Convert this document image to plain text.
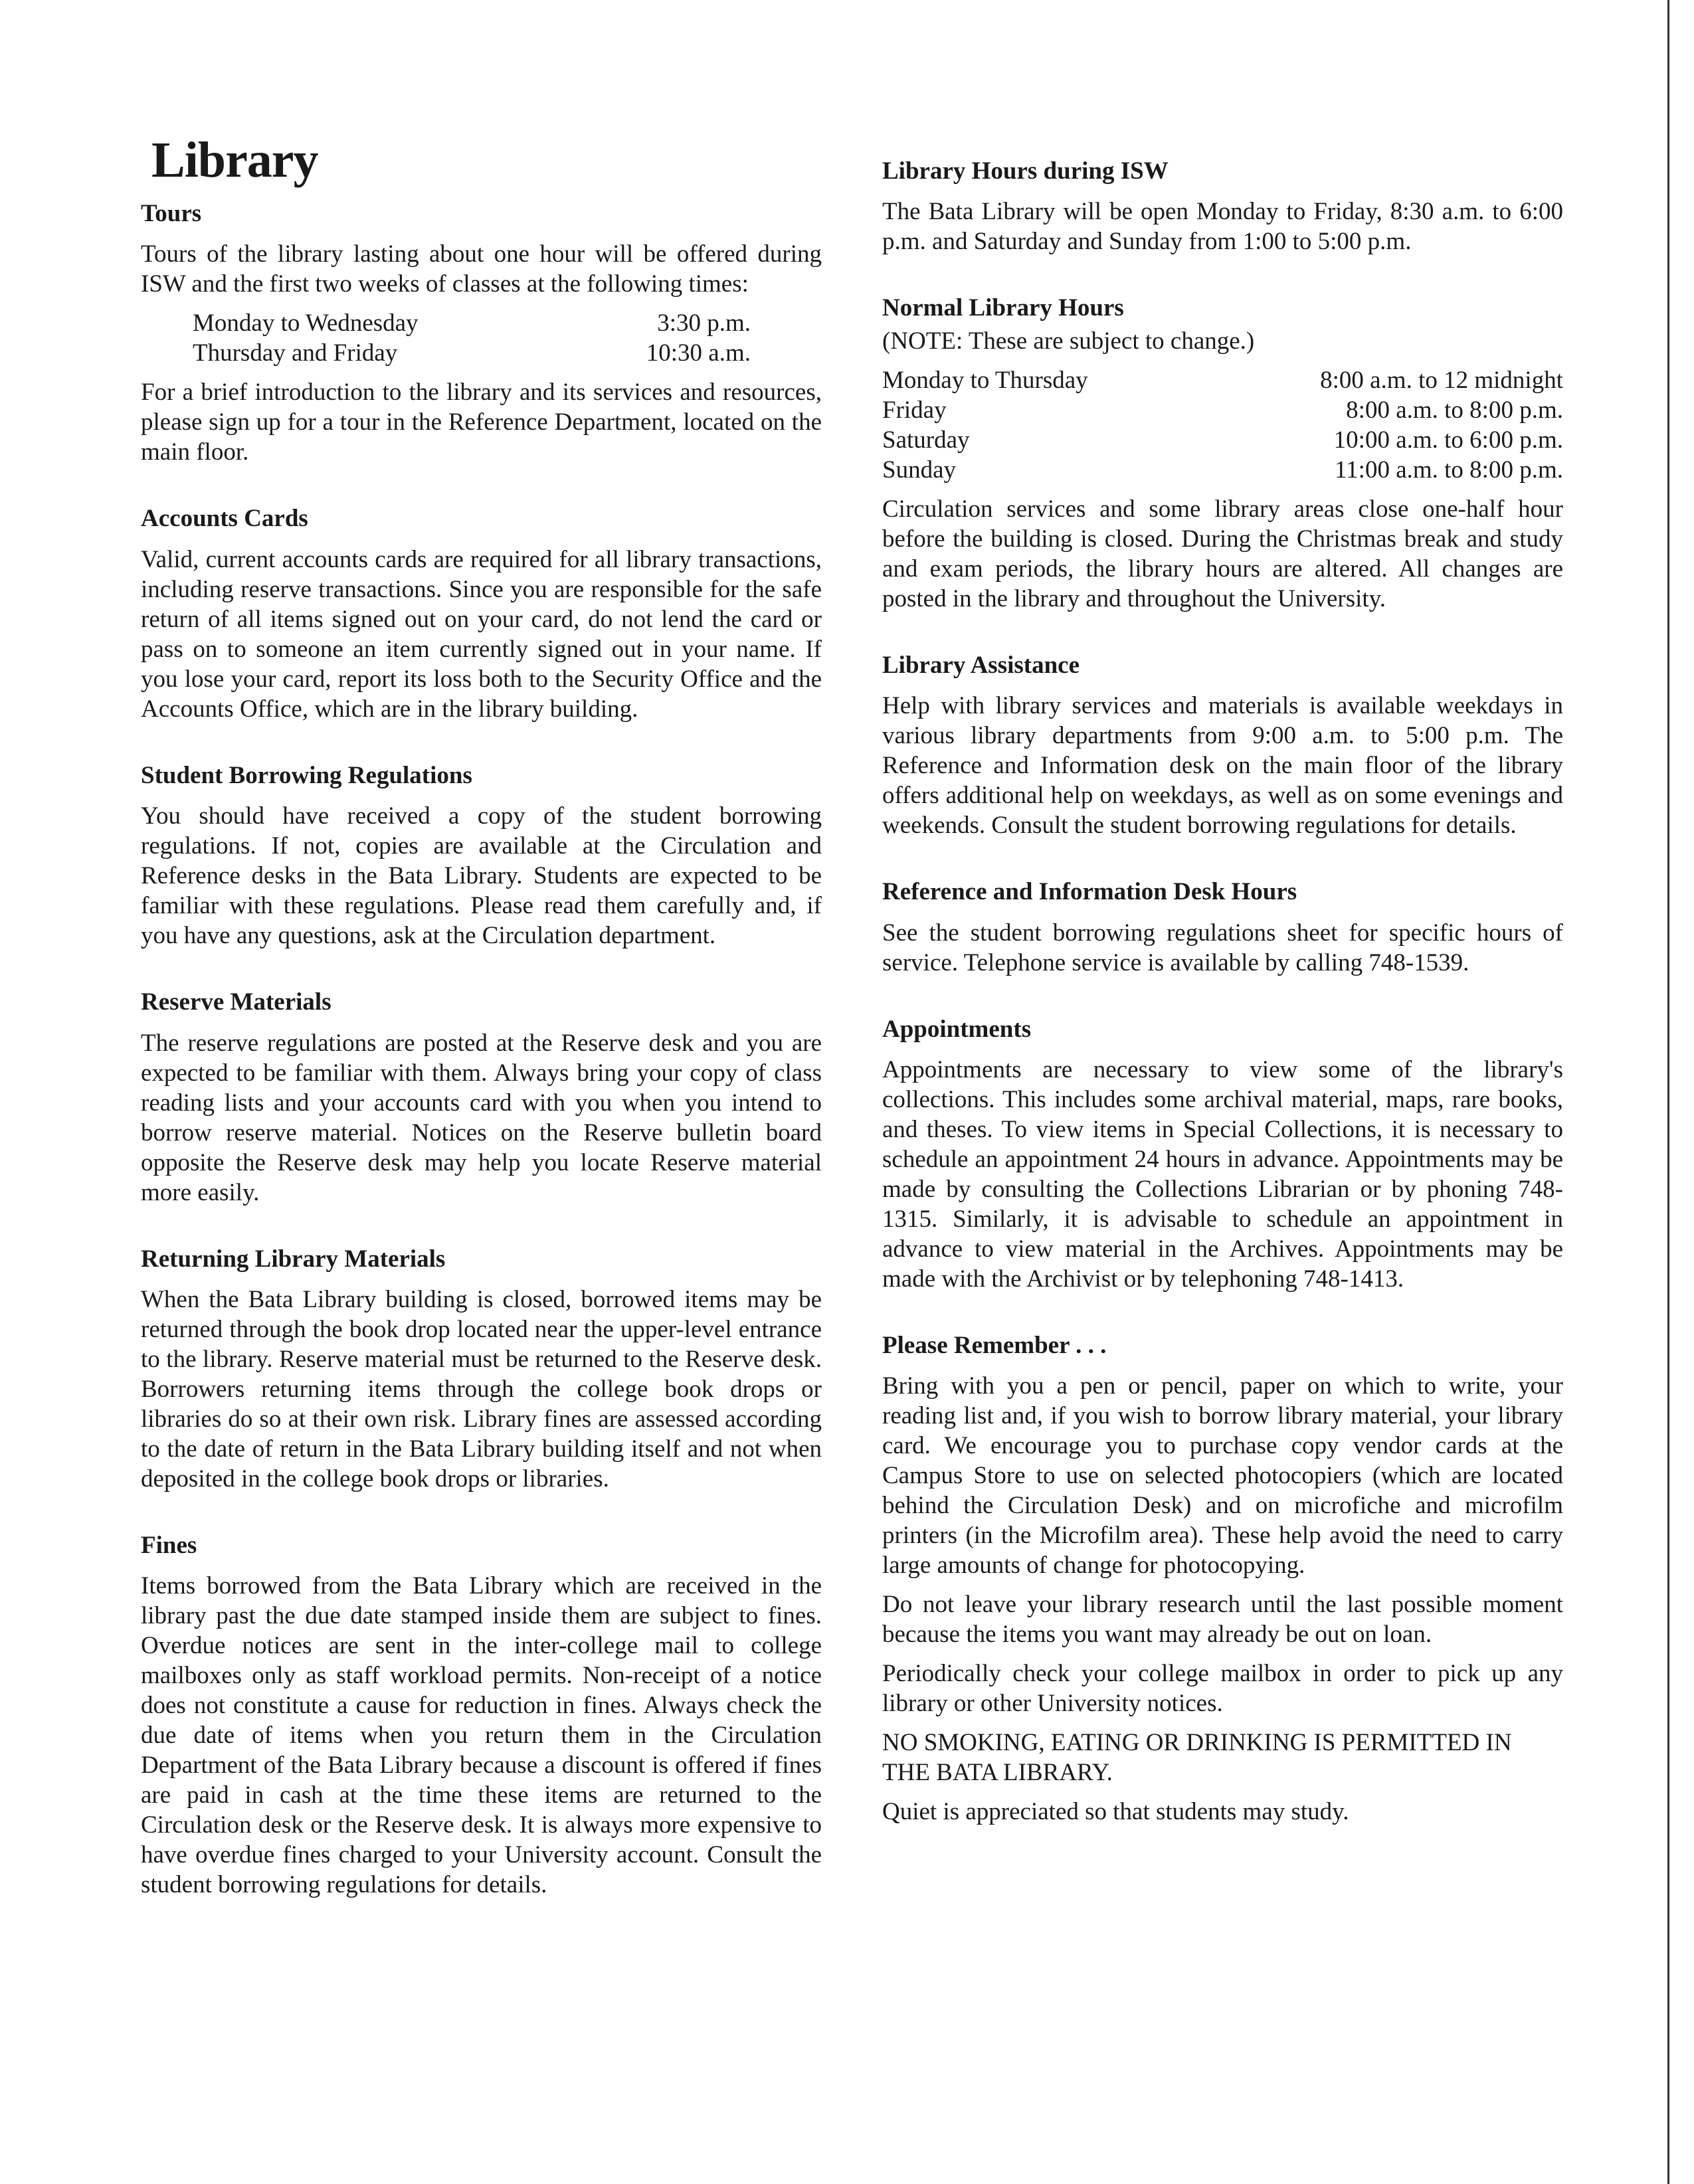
Library
Tours

Tours of the library lasting about one hour will be offered during ISW and the first two weeks of classes at the following times:

Monday to Wednesday	3:30 p.m.
Thursday and Friday	10:30 a.m.

For a brief introduction to the library and its services and resources, please sign up for a tour in the Reference Department, located on the main floor.

Accounts Cards

Valid, current accounts cards are required for all library transactions, including reserve transactions. Since you are responsible for the safe return of all items signed out on your card, do not lend the card or pass on to someone an item currently signed out in your name. If you lose your card, report its loss both to the Security Office and the Accounts Office, which are in the library building.

Student Borrowing Regulations

You should have received a copy of the student borrowing regulations. If not, copies are available at the Circulation and Reference desks in the Bata Library. Students are expected to be familiar with these regulations. Please read them carefully and, if you have any questions, ask at the Circulation department.

Reserve Materials

The reserve regulations are posted at the Reserve desk and you are expected to be familiar with them. Always bring your copy of class reading lists and your accounts card with you when you intend to borrow reserve material. Notices on the Reserve bulletin board opposite the Reserve desk may help you locate Reserve material more easily.

Returning Library Materials

When the Bata Library building is closed, borrowed items may be returned through the book drop located near the upper-level entrance to the library. Reserve material must be returned to the Reserve desk. Borrowers returning items through the college book drops or libraries do so at their own risk. Library fines are assessed according to the date of return in the Bata Library building itself and not when deposited in the college book drops or libraries.

Fines

Items borrowed from the Bata Library which are received in the library past the due date stamped inside them are subject to fines. Overdue notices are sent in the inter-college mail to college mailboxes only as staff workload permits. Non-receipt of a notice does not constitute a cause for reduction in fines. Always check the due date of items when you return them in the Circulation Department of the Bata Library because a discount is offered if fines are paid in cash at the time these items are returned to the Circulation desk or the Reserve desk. It is always more expensive to have overdue fines charged to your University account. Consult the student borrowing regulations for details.

Library Hours during ISW

The Bata Library will be open Monday to Friday, 8:30 a.m. to 6:00 p.m. and Saturday and Sunday from 1:00 to 5:00 p.m.

Normal Library Hours
(NOTE: These are subject to change.)
Monday to Thursday	8:00 a.m. to 12 midnight
Friday	8:00 a.m. to 8:00 p.m.
Saturday	10:00 a.m. to 6:00 p.m.
Sunday	11:00 a.m. to 8:00 p.m.

Circulation services and some library areas close one-half hour before the building is closed. During the Christmas break and study and exam periods, the library hours are altered. All changes are posted in the library and throughout the University.

Library Assistance

Help with library services and materials is available weekdays in various library departments from 9:00 a.m. to 5:00 p.m. The Reference and Information desk on the main floor of the library offers additional help on weekdays, as well as on some evenings and weekends. Consult the student borrowing regulations for details.

Reference and Information Desk Hours

See the student borrowing regulations sheet for specific hours of service. Telephone service is available by calling 748-1539.

Appointments

Appointments are necessary to view some of the library's collections. This includes some archival material, maps, rare books, and theses. To view items in Special Collections, it is necessary to schedule an appointment 24 hours in advance. Appointments may be made by consulting the Collections Librarian or by phoning 748-1315. Similarly, it is advisable to schedule an appointment in advance to view material in the Archives. Appointments may be made with the Archivist or by telephoning 748-1413.

Please Remember . . .

Bring with you a pen or pencil, paper on which to write, your reading list and, if you wish to borrow library material, your library card. We encourage you to purchase copy vendor cards at the Campus Store to use on selected photocopiers (which are located behind the Circulation Desk) and on microfiche and microfilm printers (in the Microfilm area). These help avoid the need to carry large amounts of change for photocopying.

Do not leave your library research until the last possible moment because the items you want may already be out on loan.

Periodically check your college mailbox in order to pick up any library or other University notices.

NO SMOKING, EATING OR DRINKING IS PERMITTED IN THE BATA LIBRARY.

Quiet is appreciated so that students may study.
